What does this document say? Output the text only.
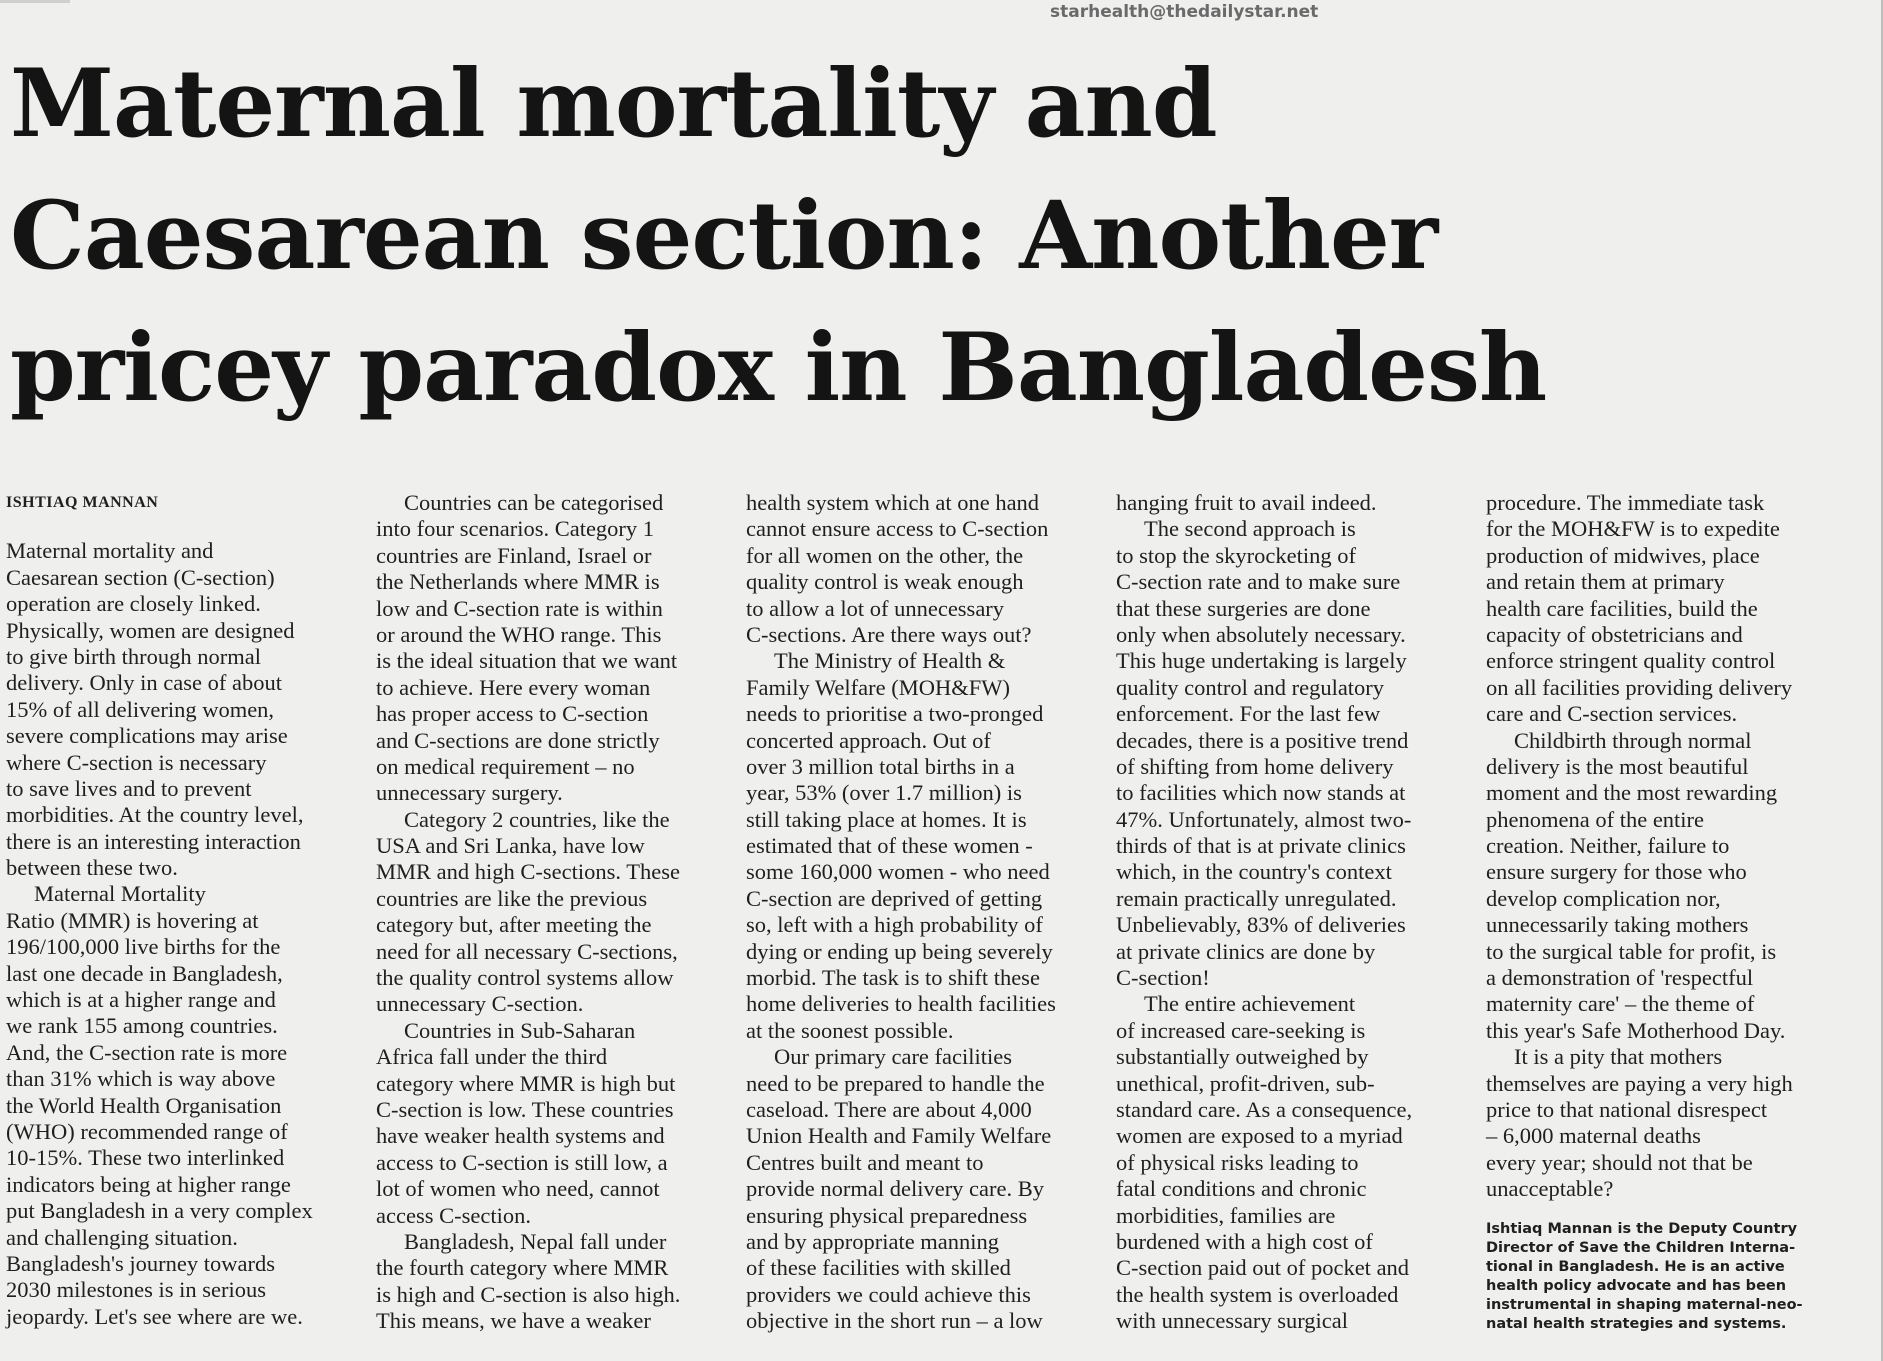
starhealth@thedailystar.net
Maternal mortality and
Caesarean section: Another
pricey paradox in Bangladesh
ISHTIAQ MANNAN
Maternal mortality and
Caesarean section (C-section)
operation are closely linked.
Physically, women are designed
to give birth through normal
delivery. Only in case of about
15% of all delivering women,
severe complications may arise
where C-section is necessary
to save lives and to prevent
morbidities. At the country level,
there is an interesting interaction
between these two.
Maternal Mortality
Ratio (MMR) is hovering at
196/100,000 live births for the
last one decade in Bangladesh,
which is at a higher range and
we rank 155 among countries.
And, the C-section rate is more
than 31% which is way above
the World Health Organisation
(WHO) recommended range of
10-15%. These two interlinked
indicators being at higher range
put Bangladesh in a very complex
and challenging situation.
Bangladesh's journey towards
2030 milestones is in serious
jeopardy. Let's see where are we.
Countries can be categorised
into four scenarios. Category 1
countries are Finland, Israel or
the Netherlands where MMR is
low and C-section rate is within
or around the WHO range. This
is the ideal situation that we want
to achieve. Here every woman
has proper access to C-section
and C-sections are done strictly
on medical requirement – no
unnecessary surgery.
Category 2 countries, like the
USA and Sri Lanka, have low
MMR and high C-sections. These
countries are like the previous
category but, after meeting the
need for all necessary C-sections,
the quality control systems allow
unnecessary C-section.
Countries in Sub-Saharan
Africa fall under the third
category where MMR is high but
C-section is low. These countries
have weaker health systems and
access to C-section is still low, a
lot of women who need, cannot
access C-section.
Bangladesh, Nepal fall under
the fourth category where MMR
is high and C-section is also high.
This means, we have a weaker
health system which at one hand
cannot ensure access to C-section
for all women on the other, the
quality control is weak enough
to allow a lot of unnecessary
C-sections. Are there ways out?
The Ministry of Health &
Family Welfare (MOH&FW)
needs to prioritise a two-pronged
concerted approach. Out of
over 3 million total births in a
year, 53% (over 1.7 million) is
still taking place at homes. It is
estimated that of these women -
some 160,000 women - who need
C-section are deprived of getting
so, left with a high probability of
dying or ending up being severely
morbid. The task is to shift these
home deliveries to health facilities
at the soonest possible.
Our primary care facilities
need to be prepared to handle the
caseload. There are about 4,000
Union Health and Family Welfare
Centres built and meant to
provide normal delivery care. By
ensuring physical preparedness
and by appropriate manning
of these facilities with skilled
providers we could achieve this
objective in the short run – a low
hanging fruit to avail indeed.
The second approach is
to stop the skyrocketing of
C-section rate and to make sure
that these surgeries are done
only when absolutely necessary.
This huge undertaking is largely
quality control and regulatory
enforcement. For the last few
decades, there is a positive trend
of shifting from home delivery
to facilities which now stands at
47%. Unfortunately, almost two-
thirds of that is at private clinics
which, in the country's context
remain practically unregulated.
Unbelievably, 83% of deliveries
at private clinics are done by
C-section!
The entire achievement
of increased care-seeking is
substantially outweighed by
unethical, profit-driven, sub-
standard care. As a consequence,
women are exposed to a myriad
of physical risks leading to
fatal conditions and chronic
morbidities, families are
burdened with a high cost of
C-section paid out of pocket and
the health system is overloaded
with unnecessary surgical
procedure. The immediate task
for the MOH&FW is to expedite
production of midwives, place
and retain them at primary
health care facilities, build the
capacity of obstetricians and
enforce stringent quality control
on all facilities providing delivery
care and C-section services.
Childbirth through normal
delivery is the most beautiful
moment and the most rewarding
phenomena of the entire
creation. Neither, failure to
ensure surgery for those who
develop complication nor,
unnecessarily taking mothers
to the surgical table for profit, is
a demonstration of 'respectful
maternity care' – the theme of
this year's Safe Motherhood Day.
It is a pity that mothers
themselves are paying a very high
price to that national disrespect
– 6,000 maternal deaths
every year; should not that be
unacceptable?
Ishtiaq Mannan is the Deputy Country
Director of Save the Children Interna-
tional in Bangladesh. He is an active
health policy advocate and has been
instrumental in shaping maternal-neo-
natal health strategies and systems.
